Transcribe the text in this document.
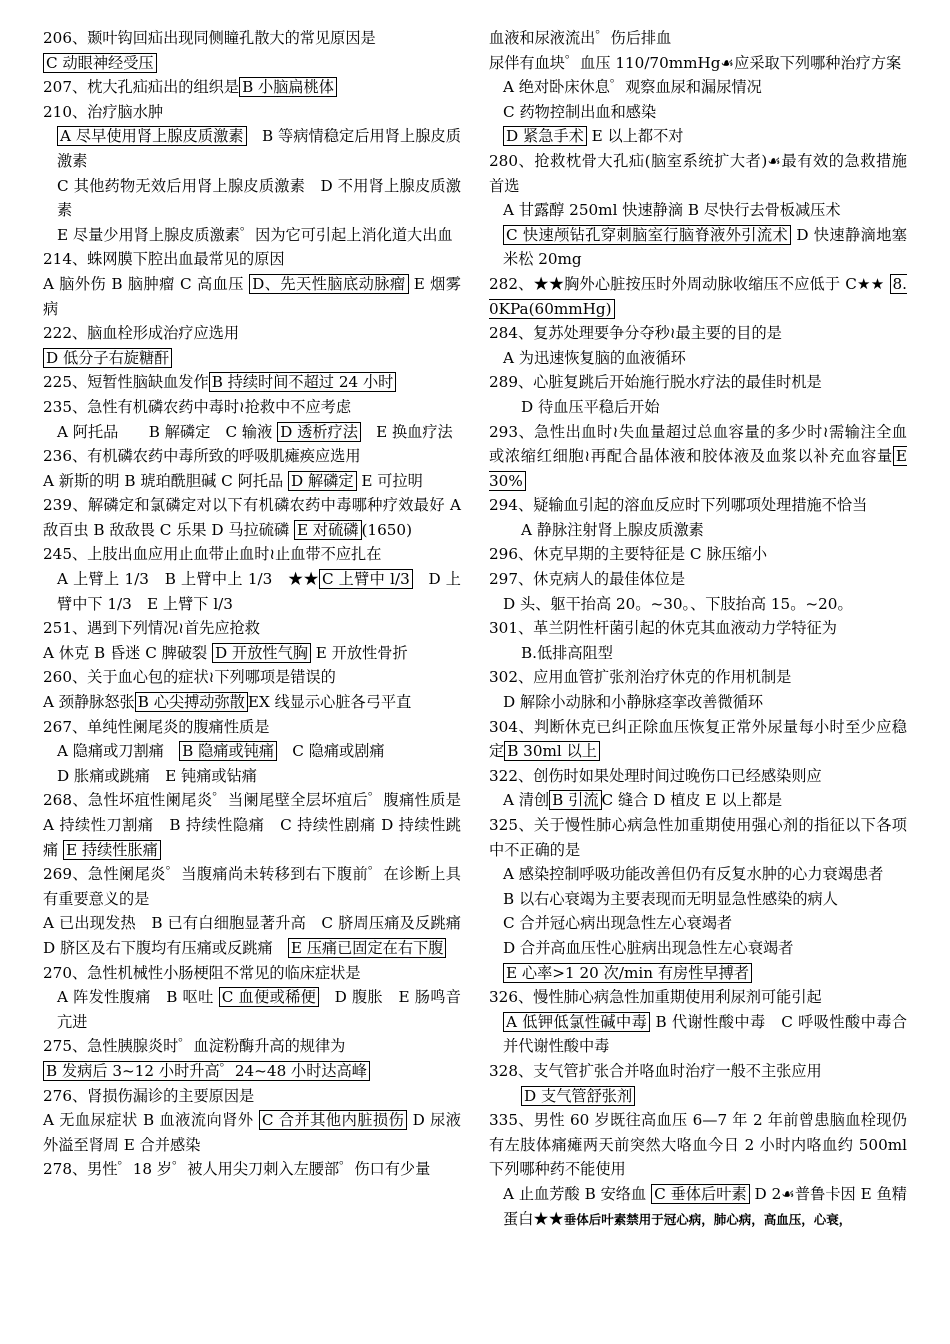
206、颞叶钩回疝出现同侧瞳孔散大的常见原因是

C 动眼神经受压

207、枕大孔疝疝出的组织是 B 小脑扁桃体

210、治疗脑水肿

A 尽早使用肾上腺皮质激素　B 等病情稳定后用肾上腺皮质激素

C 其他药物无效后用肾上腺皮质激素　D 不用肾上腺皮质激素

E 尽量少用肾上腺皮质激素゜因为它可引起上消化道大出血

214、蛛网膜下腔出血最常见的原因

A 脑外伤 B 脑肿瘤 C 高血压 D、先天性脑底动脉瘤 E 烟雾病

222、脑血栓形成治疗应选用

D 低分子右旋糖酐

225、短暂性脑缺血发作 B 持续时间不超过 24 小时

235、急性有机磷农药中毒时≀抢救中不应考虑

A 阿托品　　B 解磷定　C 输液 D 透析疗法　E 换血疗法

236、有机磷农药中毒所致的呼吸肌瘫痪应选用

A 新斯的明 B 琥珀酰胆碱 C 阿托品 D 解磷定 E 可拉明

239、解磷定和氯磷定对以下有机磷农药中毒哪种疗效最好 A 敌百虫 B 敌敌畏 C 乐果 D 马拉硫磷 E 对硫磷 (1650)

245、上肢出血应用止血带止血时≀止血带不应扎在

A 上臂上 1/3　B 上臂中上 1/3　★★ C 上臂中 l/3　D 上臂中下 1/3　E 上臂下 l/3

251、遇到下列情况≀首先应抢救

A 休克 B 昏迷 C 脾破裂 D 开放性气胸 E 开放性骨折

260、关于血心包的症状≀下列哪项是错误的

A 颈静脉怒张 B 心尖搏动弥散 EX 线显示心脏各弓平直

267、单纯性阑尾炎的腹痛性质是

A 隐痛或刀割痛　B 隐痛或钝痛　C 隐痛或剧痛

D 胀痛或跳痛　E 钝痛或钻痛

268、急性坏疽性阑尾炎゜当阑尾壁全层坏疽后゜腹痛性质是 A 持续性刀割痛　B 持续性隐痛　C 持续性剧痛 D 持续性跳痛 E 持续性胀痛

269、急性阑尾炎゜当腹痛尚未转移到右下腹前゜在诊断上具有重要意义的是

A 已出现发热　B 已有白细胞显著升高　C 脐周压痛及反跳痛 D 脐区及右下腹均有压痛或反跳痛　E 压痛已固定在右下腹

270、急性机械性小肠梗阻不常见的临床症状是

A 阵发性腹痛　B 呕吐 C 血便或稀便　D 腹胀　E 肠鸣音亢进

275、急性胰腺炎时゜血淀粉酶升高的规律为

B 发病后 3~12 小时升高゜24~48 小时达高峰

276、肾损伤漏诊的主要原因是

A 无血尿症状 B 血液流向肾外 C 合并其他内脏损伤 D 尿液外溢至肾周 E 合并感染

278、男性゜18 岁゜被人用尖刀刺入左腰部゜伤口有少量

血液和尿液流出゜伤后排血

尿伴有血块゜血压 110/70mmHg☙应采取下列哪种治疗方案

A 绝对卧床休息゜观察血尿和漏尿情况

C 药物控制出血和感染

D 紧急手术 E 以上都不对

280、抢救枕骨大孔疝(脑室系统扩大者)☙最有效的急救措施首选

A 甘露醇 250ml 快速静滴 B 尽快行去骨板减压术

C 快速颅钻孔穿刺脑室行脑脊液外引流术 D 快速静滴地塞米松 20mg

282、★★胸外心脏按压时外周动脉收缩压不应低于 C★★ 8. 0KPa(60mmHg)

284、复苏处理要争分夺秒≀最主要的目的是

A 为迅速恢复脑的血液循环

289、心脏复跳后开始施行脱水疗法的最佳时机是

D 待血压平稳后开始

293、急性出血时≀失血量超过总血容量的多少时≀需输注全血或浓缩红细胞≀再配合晶体液和胶体液及血浆以补充血容量 E 30%

294、疑输血引起的溶血反应时下列哪项处理措施不恰当

A 静脉注射肾上腺皮质激素

296、休克早期的主要特征是 C 脉压缩小

297、休克病人的最佳体位是

D 头、躯干抬高 20。~30。、下肢抬高 15。~20。

301、革兰阴性杆菌引起的休克其血液动力学特征为

B.低排高阻型

302、应用血管扩张剂治疗休克的作用机制是

D 解除小动脉和小静脉痉挛改善微循环

304、判断休克已纠正除血压恢复正常外尿量每小时至少应稳定 B 30ml 以上

322、创伤时如果处理时间过晚伤口已经感染则应

A 清创 B 引流 C 缝合 D 植皮 E 以上都是

325、关于慢性肺心病急性加重期使用强心剂的指征以下各项中不正确的是

A 感染控制呼吸功能改善但仍有反复水肿的心力衰竭患者

B 以右心衰竭为主要表现而无明显急性感染的病人

C 合并冠心病出现急性左心衰竭者

D 合并高血压性心脏病出现急性左心衰竭者

E 心率>1 20 次/min 有房性早搏者

326、慢性肺心病急性加重期使用利尿剂可能引起

A 低钾低氯性碱中毒 B 代谢性酸中毒　C 呼吸性酸中毒合并代谢性酸中毒

328、支气管扩张合并咯血时治疗一般不主张应用

D 支气管舒张剂

335、男性 60 岁既往高血压 6—7 年 2 年前曾患脑血栓现仍有左肢体痛瘫两天前突然大咯血今日 2 小时内咯血约 500ml 下列哪种药不能使用

A 止血芳酸 B 安络血 C 垂体后叶素 D 2☙普鲁卡因 E 鱼精蛋白★★垂体后叶素禁用于冠心病，肺心病，高血压，心衰，
